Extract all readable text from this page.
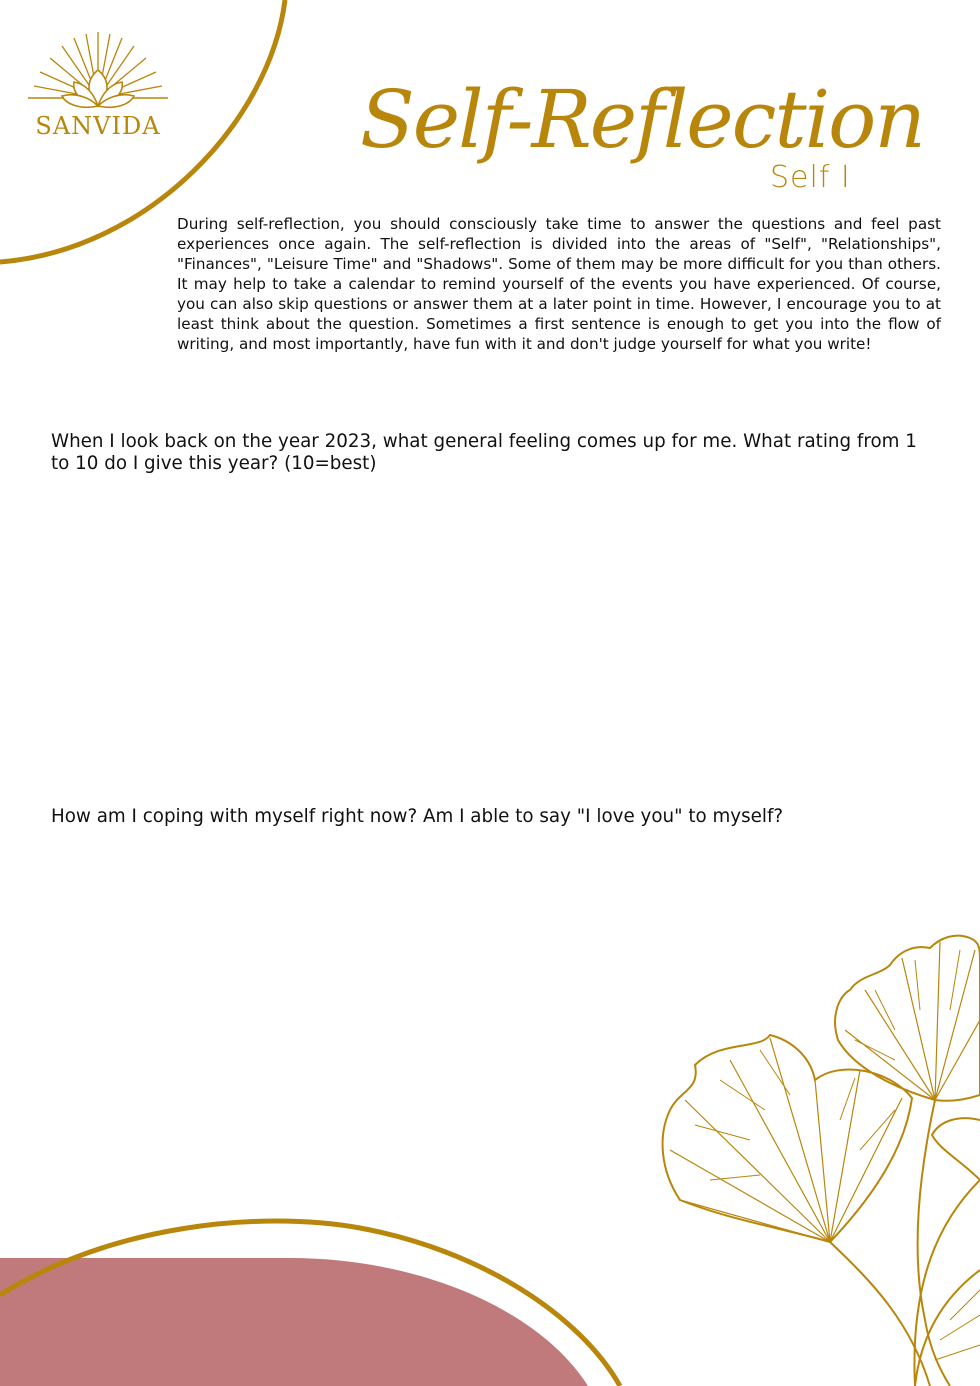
SANVIDA Self-Reflection
Self I

During self-reflection, you should consciously take time to answer the questions and feel past experiences once again. The self-reflection is divided into the areas of "Self", "Relationships", "Finances", "Leisure Time" and "Shadows". Some of them may be more difficult for you than others. It may help to take a calendar to remind yourself of the events you have experienced. Of course, you can also skip questions or answer them at a later point in time. However, I encourage you to at least think about the question. Sometimes a first sentence is enough to get you into the flow of writing, and most importantly, have fun with it and don't judge yourself for what you write!

When I look back on the year 2023, what general feeling comes up for me. What rating from 1 to 10 do I give this year? (10=best)

How am I coping with myself right now? Am I able to say "I love you" to myself?
